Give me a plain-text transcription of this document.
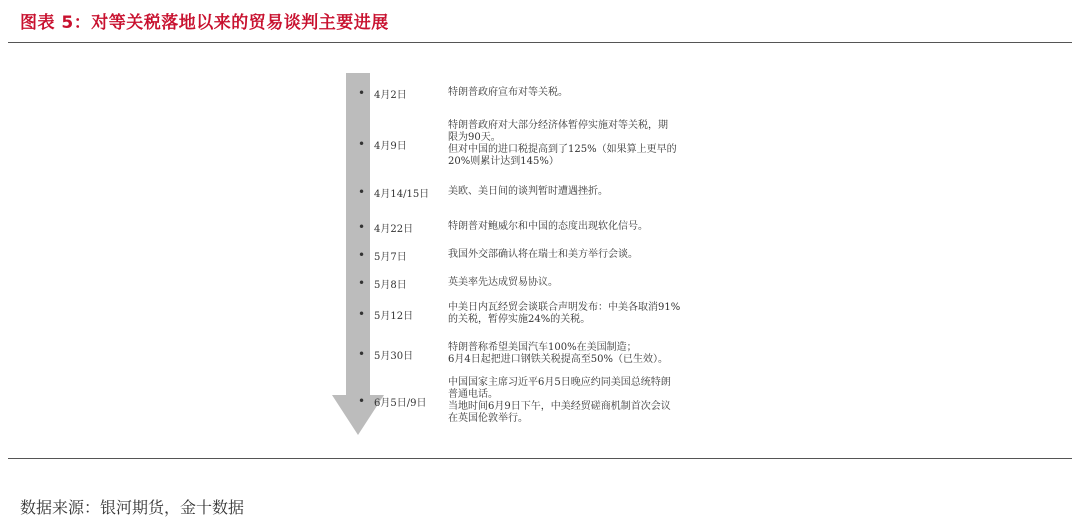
图表 5：对等关税落地以来的贸易谈判主要进展
• 4月2日	特朗普政府宣布对等关税。
• 4月9日
特朗普政府对大部分经济体暂停实施对等关税，期
限为90天。
但对中国的进口税提高到了125%（如果算上更早的
20%则累计达到145%）
• 4月14/15日	美欧、美日间的谈判暂时遭遇挫折。
• 4月22日	特朗普对鲍威尔和中国的态度出现软化信号。
• 5月7日	我国外交部确认将在瑞士和美方举行会谈。
• 5月8日	英美率先达成贸易协议。
• 5月12日
中美日内瓦经贸会谈联合声明发布：中美各取消91%
的关税，暂停实施24%的关税。
• 5月30日
特朗普称希望美国汽车100%在美国制造；
6月4日起把进口钢铁关税提高至50%（已生效）。
• 6月5日/9日
中国国家主席习近平6月5日晚应约同美国总统特朗
普通电话。
当地时间6月9日下午，中美经贸磋商机制首次会议
在英国伦敦举行。
数据来源：银河期货，金十数据
